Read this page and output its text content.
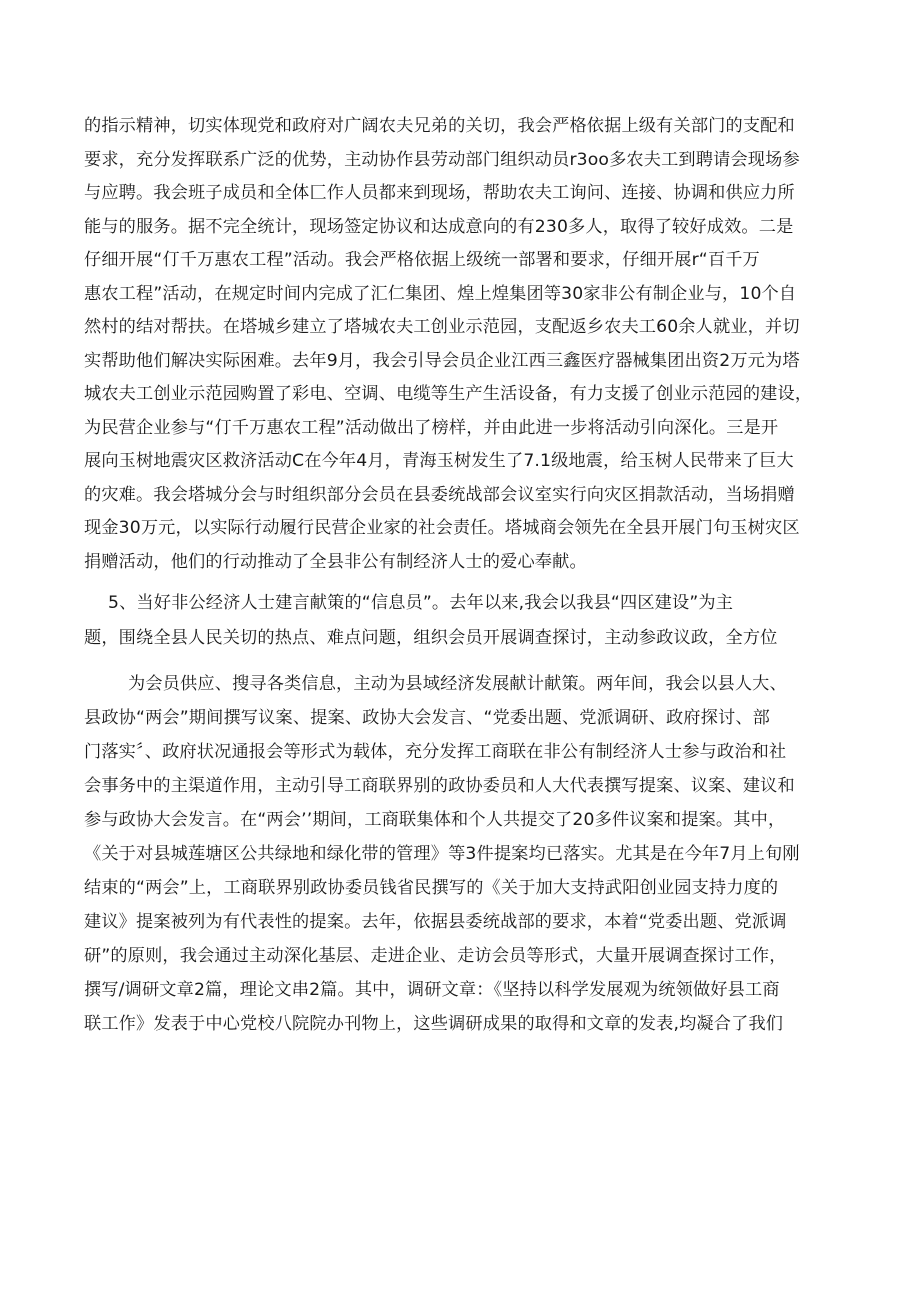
的指示精神，切实体现党和政府对广阔农夫兄弟的关切，我会严格依据上级有关部门的支配和
要求，充分发挥联系广泛的优势，主动协作县劳动部门组织动员r3oo多农夫工到聘请会现场参
与应聘。我会班子成员和全体匚作人员都来到现场，帮助农夫工询问、连接、协调和供应力所
能与的服务。据不完全统计，现场签定协议和达成意向的有230多人，取得了较好成效。二是
仔细开展“仃千万惠农工程”活动。我会严格依据上级统一部署和要求，仔细开展r“百千万
惠农工程”活动，在规定时间内完成了汇仁集团、煌上煌集团等30家非公有制企业与，10个自
然村的结对帮扶。在塔城乡建立了塔城农夫工创业示范园，支配返乡农夫工60余人就业，并切
实帮助他们解决实际困难。去年9月，我会引导会员企业江西三鑫医疗器械集团出资2万元为塔
城农夫工创业示范园购置了彩电、空调、电缆等生产生活设备，有力支援了创业示范园的建设，
为民营企业参与“仃千万惠农工程”活动做出了榜样，并由此进一步将活动引向深化。三是开
展向玉树地震灾区救济活动C在今年4月，青海玉树发生了7.1级地震，给玉树人民带来了巨大
的灾难。我会塔城分会与时组织部分会员在县委统战部会议室实行向灾区捐款活动，当场捐赠
现金30万元，以实际行动履行民营企业家的社会责任。塔城商会领先在全县开展门句玉树灾区
捐赠活动，他们的行动推动了全县非公有制经济人士的爱心奉献。
5、当好非公经济人士建言献策的“信息员”。去年以来,我会以我县“四区建设”为主
题，围绕全县人民关切的热点、难点问题，组织会员开展调查探讨，主动参政议政，全方位
为会员供应、搜寻各类信息，主动为县域经济发展献计献策。两年间，我会以县人大、
县政协“两会”期间撰写议案、提案、政协大会发言、“党委出题、党派调研、政府探讨、部
门落实〞、政府状况通报会等形式为载体，充分发挥工商联在非公有制经济人士参与政治和社
会事务中的主渠道作用，主动引导工商联界别的政协委员和人大代表撰写提案、议案、建议和
参与政协大会发言。在“两会’’期间，工商联集体和个人共提交了20多件议案和提案。其中，
《关于对县城莲塘区公共绿地和绿化带的管理》等3件提案均已落实。尤其是在今年7月上旬刚
结束的“两会”上，工商联界别政协委员钱省民撰写的《关于加大支持武阳创业园支持力度的
建议》提案被列为有代表性的提案。去年，依据县委统战部的要求，本着“党委出题、党派调
研”的原则，我会通过主动深化基层、走进企业、走访会员等形式，大量开展调查探讨工作，
撰写/调研文章2篇，理论文串2篇。其中，调研文章：《坚持以科学发展观为统领做好县工商
联工作》发表于中心党校八院院办刊物上，这些调研成果的取得和文章的发表,均凝合了我们
